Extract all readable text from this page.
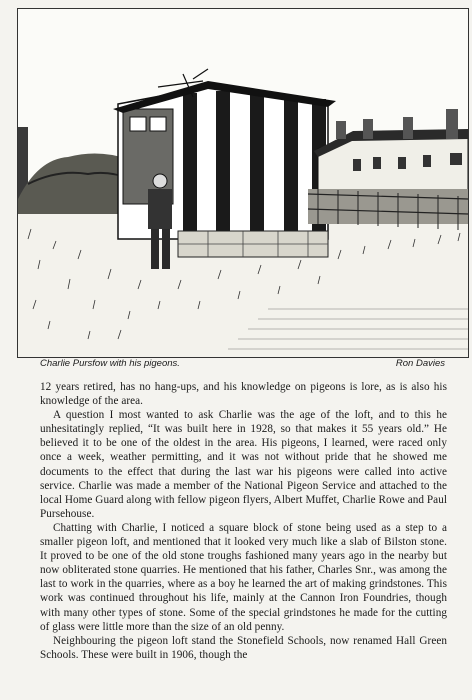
Charlie Pursfow with his pigeons.	Ron Davies

12 years retired, has no hang-ups, and his knowledge on pigeons is lore, as is also his knowledge of the area.

A question I most wanted to ask Charlie was the age of the loft, and to this he unhesitatingly replied, “It was built here in 1928, so that makes it 55 years old.” He believed it to be one of the oldest in the area. His pigeons, I learned, were raced only once a week, weather permitting, and it was not without pride that he showed me documents to the effect that during the last war his pigeons were called into active service. Charlie was made a member of the National Pigeon Service and attached to the local Home Guard along with fellow pigeon flyers, Albert Muffet, Charlie Rowe and Paul Pursehouse.

Chatting with Charlie, I noticed a square block of stone being used as a step to a smaller pigeon loft, and mentioned that it looked very much like a slab of Bilston stone. It proved to be one of the old stone troughs fashioned many years ago in the nearby but now obliterated stone quarries. He mentioned that his father, Charles Snr., was among the last to work in the quarries, where as a boy he learned the art of making grindstones. This work was continued throughout his life, mainly at the Cannon Iron Foundries, though with many other types of stone. Some of the special grindstones he made for the cutting of glass were little more than the size of an old penny.

Neighbouring the pigeon loft stand the Stonefield Schools, now renamed Hall Green Schools. These were built in 1906, though the
